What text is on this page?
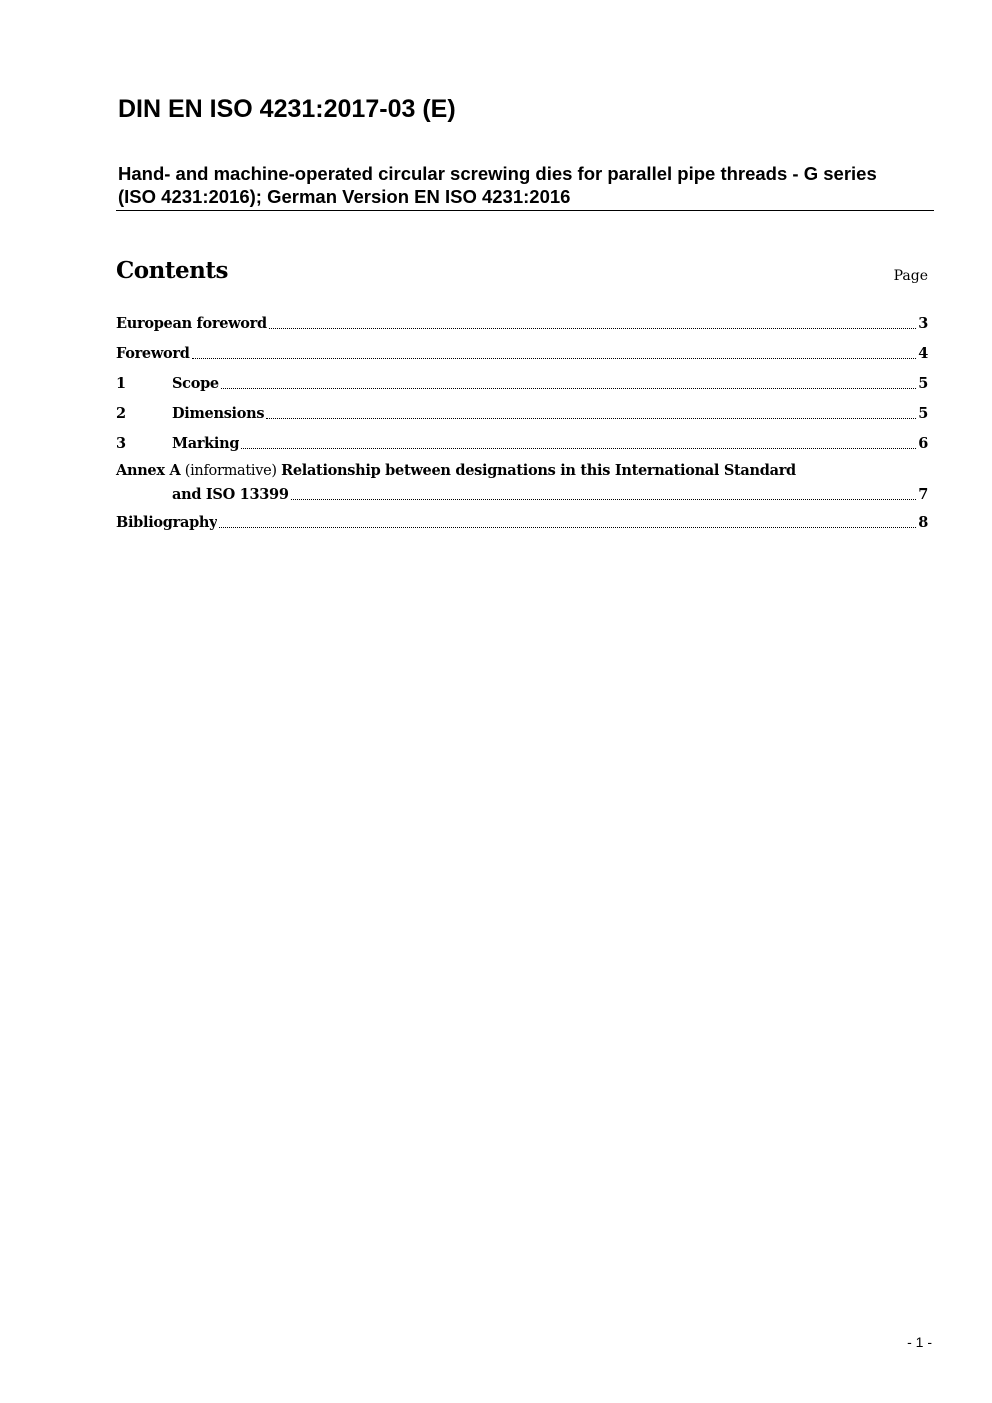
DIN EN ISO 4231:2017-03 (E)
Hand- and machine-operated circular screwing dies for parallel pipe threads - G series (ISO 4231:2016); German Version EN ISO 4231:2016
Contents	Page
European foreword	3
Foreword	4
1	Scope	5
2	Dimensions	5
3	Marking	6
Annex A (informative) Relationship between designations in this International Standard
and ISO 13399	7
Bibliography	8
- 1 -
